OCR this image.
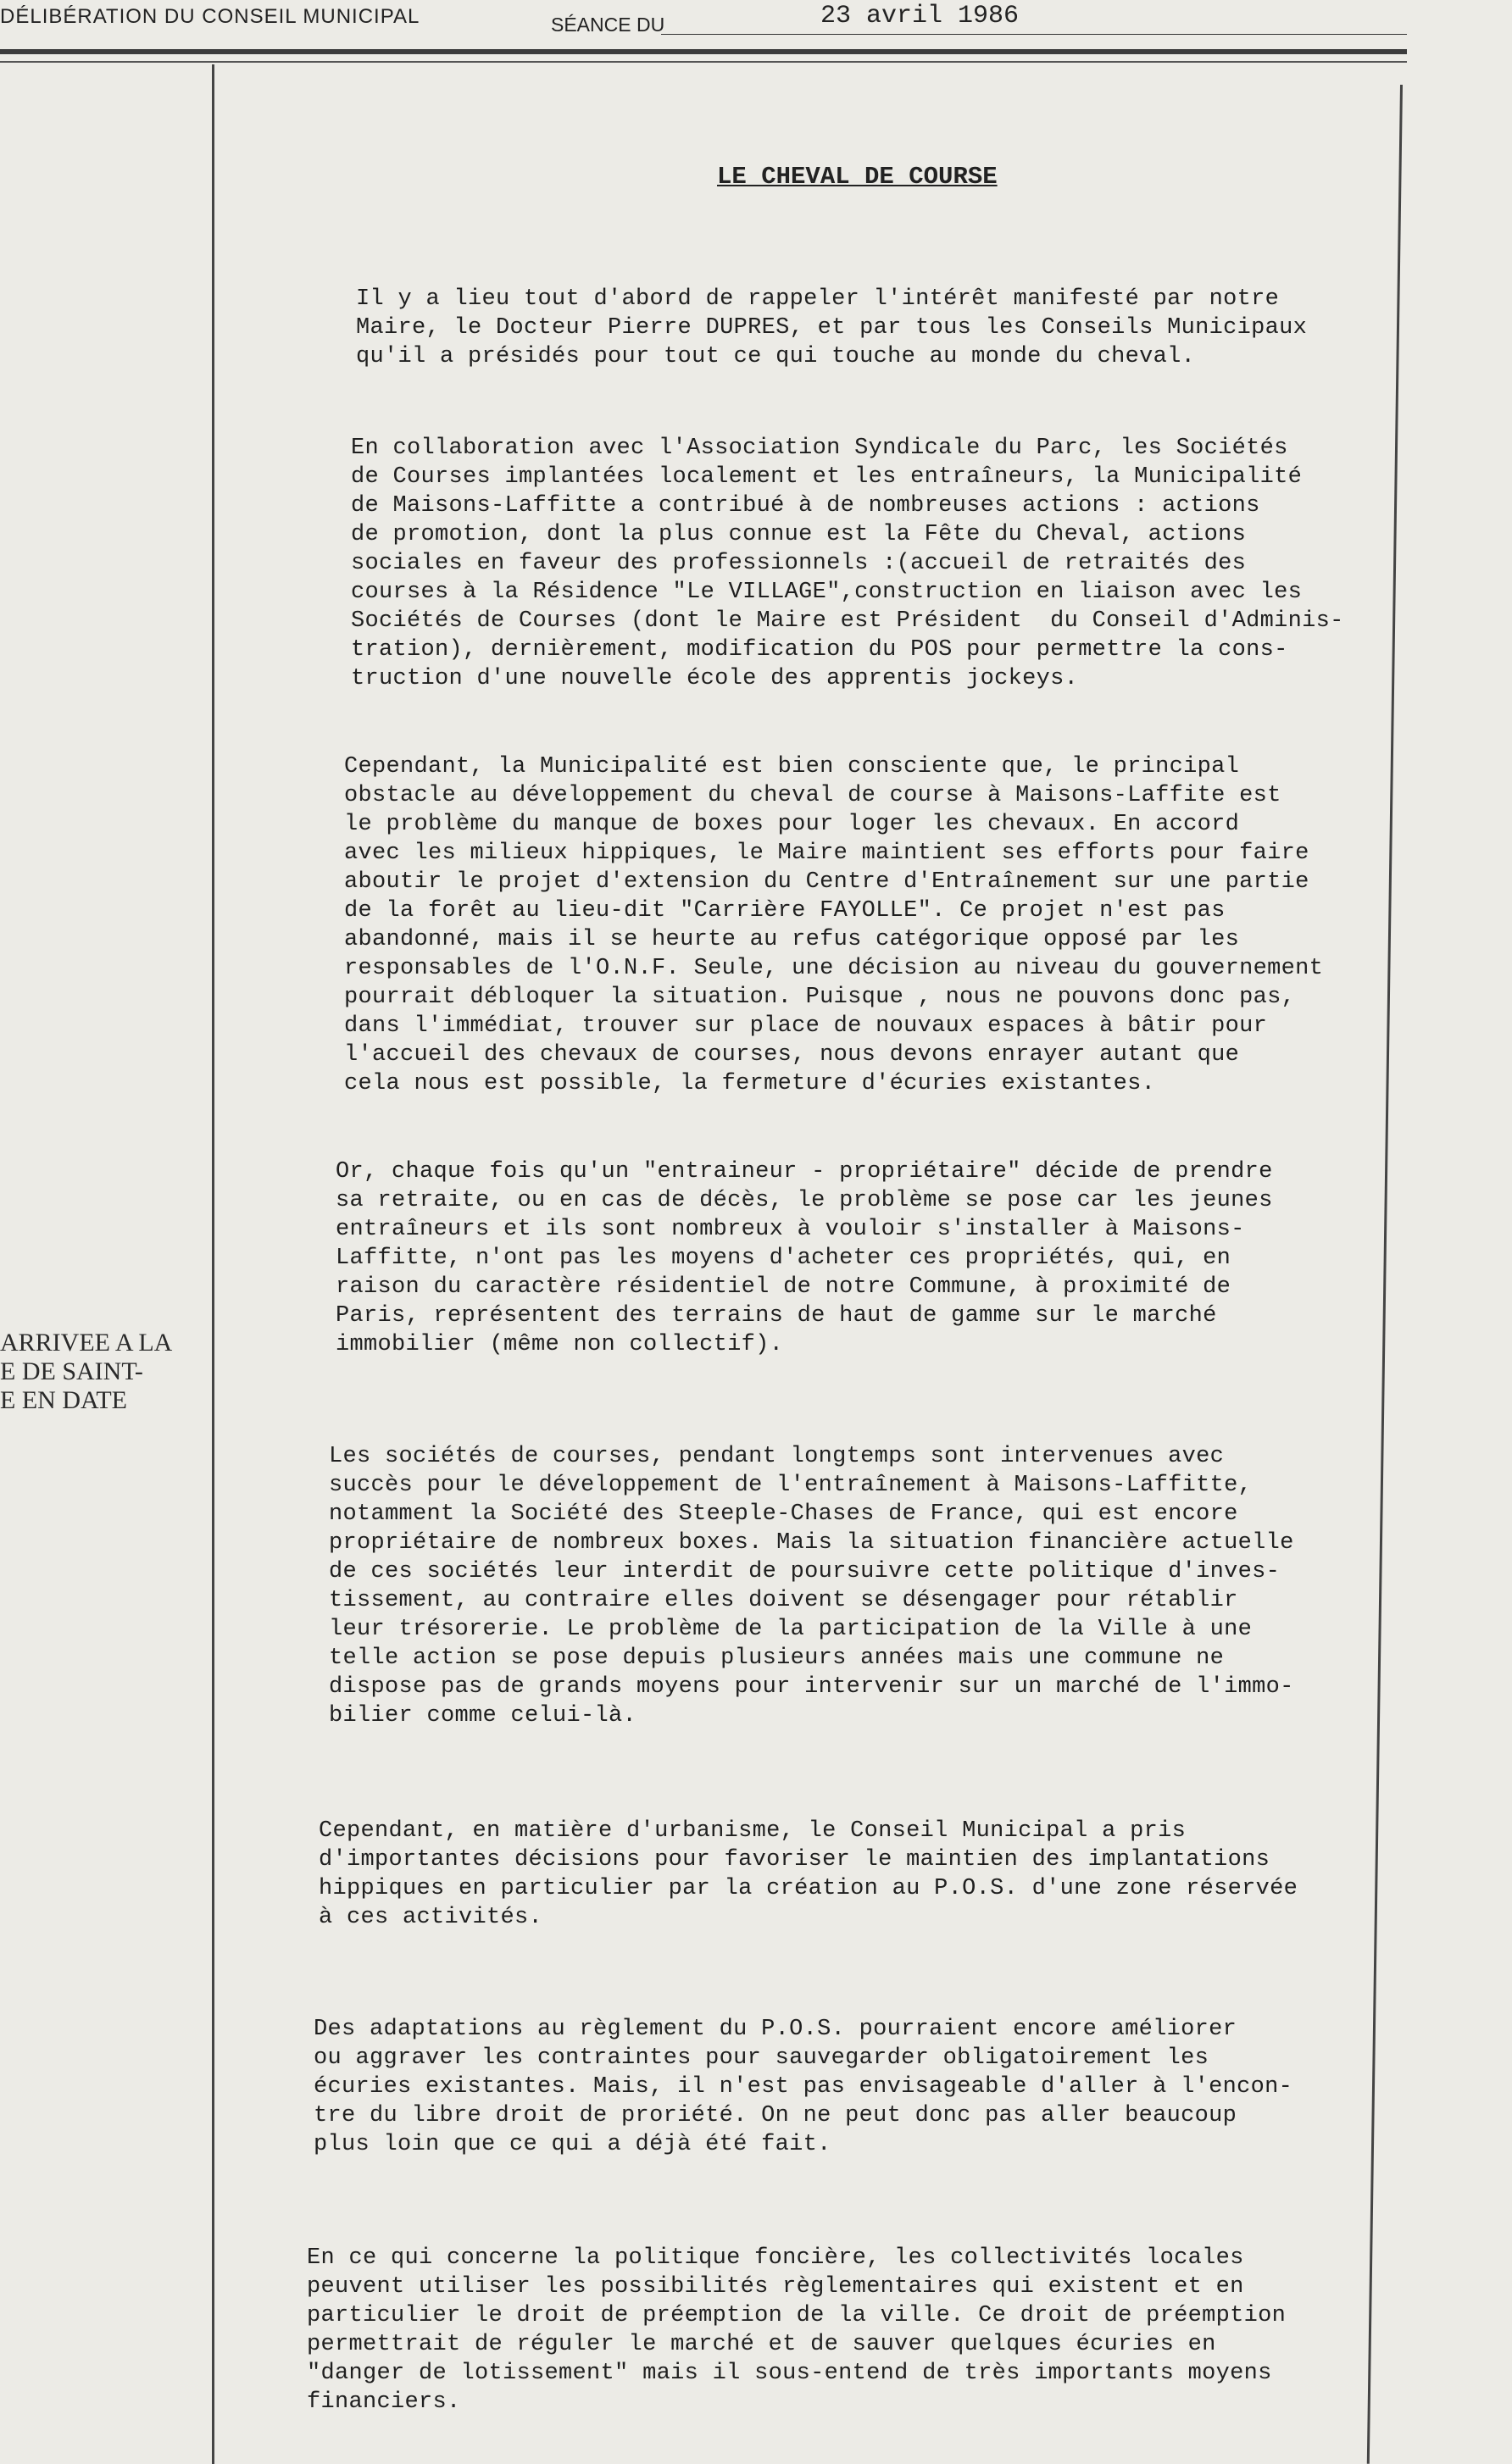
DÉLIBÉRATION DU CONSEIL MUNICIPAL	SÉANCE DU	23 avril 1986
ARRIVEE A LA
E DE SAINT-
E EN DATE
LE CHEVAL DE COURSE
Il y a lieu tout d'abord de rappeler l'intérêt manifesté par notre
Maire, le Docteur Pierre DUPRES, et par tous les Conseils Municipaux
qu'il a présidés pour tout ce qui touche au monde du cheval.
En collaboration avec l'Association Syndicale du Parc, les Sociétés
de Courses implantées localement et les entraîneurs, la Municipalité
de Maisons-Laffitte a contribué à de nombreuses actions : actions
de promotion, dont la plus connue est la Fête du Cheval, actions
sociales en faveur des professionnels :(accueil de retraités des
courses à la Résidence "Le VILLAGE",construction en liaison avec les
Sociétés de Courses (dont le Maire est Président  du Conseil d'Adminis-
tration), dernièrement, modification du POS pour permettre la cons-
truction d'une nouvelle école des apprentis jockeys.
Cependant, la Municipalité est bien consciente que, le principal
obstacle au développement du cheval de course à Maisons-Laffite est
le problème du manque de boxes pour loger les chevaux. En accord
avec les milieux hippiques, le Maire maintient ses efforts pour faire
aboutir le projet d'extension du Centre d'Entraînement sur une partie
de la forêt au lieu-dit "Carrière FAYOLLE". Ce projet n'est pas
abandonné, mais il se heurte au refus catégorique opposé par les
responsables de l'O.N.F. Seule, une décision au niveau du gouvernement
pourrait débloquer la situation. Puisque , nous ne pouvons donc pas,
dans l'immédiat, trouver sur place de nouvaux espaces à bâtir pour
l'accueil des chevaux de courses, nous devons enrayer autant que
cela nous est possible, la fermeture d'écuries existantes.
Or, chaque fois qu'un "entraineur - propriétaire" décide de prendre
sa retraite, ou en cas de décès, le problème se pose car les jeunes
entraîneurs et ils sont nombreux à vouloir s'installer à Maisons-
Laffitte, n'ont pas les moyens d'acheter ces propriétés, qui, en
raison du caractère résidentiel de notre Commune, à proximité de
Paris, représentent des terrains de haut de gamme sur le marché
immobilier (même non collectif).
Les sociétés de courses, pendant longtemps sont intervenues avec
succès pour le développement de l'entraînement à Maisons-Laffitte,
notamment la Société des Steeple-Chases de France, qui est encore
propriétaire de nombreux boxes. Mais la situation financière actuelle
de ces sociétés leur interdit de poursuivre cette politique d'inves-
tissement, au contraire elles doivent se désengager pour rétablir
leur trésorerie. Le problème de la participation de la Ville à une
telle action se pose depuis plusieurs années mais une commune ne
dispose pas de grands moyens pour intervenir sur un marché de l'immo-
bilier comme celui-là.
Cependant, en matière d'urbanisme, le Conseil Municipal a pris
d'importantes décisions pour favoriser le maintien des implantations
hippiques en particulier par la création au P.O.S. d'une zone réservée
à ces activités.
Des adaptations au règlement du P.O.S. pourraient encore améliorer
ou aggraver les contraintes pour sauvegarder obligatoirement les
écuries existantes. Mais, il n'est pas envisageable d'aller à l'encon-
tre du libre droit de proriété. On ne peut donc pas aller beaucoup
plus loin que ce qui a déjà été fait.
En ce qui concerne la politique foncière, les collectivités locales
peuvent utiliser les possibilités règlementaires qui existent et en
particulier le droit de préemption de la ville. Ce droit de préemption
permettrait de réguler le marché et de sauver quelques écuries en
"danger de lotissement" mais il sous-entend de très importants moyens
financiers.
